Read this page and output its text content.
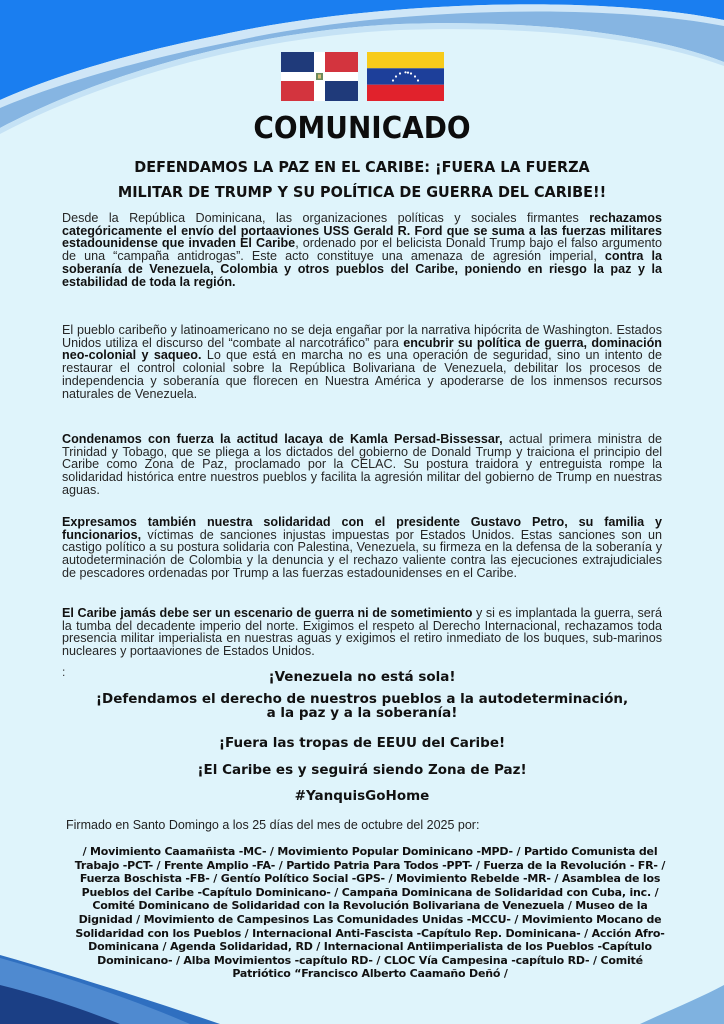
COMUNICADO
DEFENDAMOS LA PAZ EN EL CARIBE: ¡FUERA LA FUERZA
MILITAR DE TRUMP Y SU POLÍTICA DE GUERRA DEL CARIBE!!
Desde la República Dominicana, las organizaciones políticas y sociales firmantes rechazamos categóricamente el envío del portaaviones USS Gerald R. Ford que se suma a las fuerzas militares estadounidense que invaden El Caribe, ordenado por el belicista Donald Trump bajo el falso argumento de una “campaña antidrogas”. Este acto constituye una amenaza de agresión imperial, contra la soberanía de Venezuela, Colombia y otros pueblos del Caribe, poniendo en riesgo la paz y la estabilidad de toda la región.
El pueblo caribeño y latinoamericano no se deja engañar por la narrativa hipócrita de Washington. Estados Unidos utiliza el discurso del “combate al narcotráfico” para encubrir su política de guerra, dominación neo-colonial y saqueo. Lo que está en marcha no es una operación de seguridad, sino un intento de restaurar el control colonial sobre la República Bolivariana de Venezuela, debilitar los procesos de independencia y soberanía que florecen en Nuestra América y apoderarse de los inmensos recursos naturales de Venezuela.
Condenamos con fuerza la actitud lacaya de Kamla Persad-Bissessar, actual primera ministra de Trinidad y Tobago, que se pliega a los dictados del gobierno de Donald Trump y traiciona el principio del Caribe como Zona de Paz, proclamado por la CELAC. Su postura traidora y entreguista rompe la solidaridad histórica entre nuestros pueblos y facilita la agresión militar del gobierno de Trump en nuestras aguas.
Expresamos también nuestra solidaridad con el presidente Gustavo Petro, su familia y funcionarios, víctimas de sanciones injustas impuestas por Estados Unidos. Estas sanciones son un castigo político a su postura solidaria con Palestina, Venezuela, su firmeza en la defensa de la soberanía y autodeterminación de Colombia y la denuncia y el rechazo valiente contra las ejecuciones extrajudiciales de pescadores ordenadas por Trump a las fuerzas estadounidenses en el Caribe.
El Caribe jamás debe ser un escenario de guerra ni de sometimiento y si es implantada la guerra, será la tumba del decadente imperio del norte. Exigimos el respeto al Derecho Internacional, rechazamos toda presencia militar imperialista en nuestras aguas y exigimos el retiro inmediato de los buques, sub-marinos nucleares y portaaviones de Estados Unidos.
:	¡Venezuela no está sola!
¡Defendamos el derecho de nuestros pueblos a la autodeterminación,
a la paz y a la soberanía!
¡Fuera las tropas de EEUU del Caribe!
¡El Caribe es y seguirá siendo Zona de Paz!
#YanquisGoHome
Firmado en Santo Domingo a los 25 días del mes de octubre del 2025 por:
/ Movimiento Caamañista -MC- / Movimiento Popular Dominicano -MPD- / Partido Comunista del Trabajo -PCT- / Frente Amplio -FA- / Partido Patria Para Todos -PPT- / Fuerza de la Revolución - FR- / Fuerza Boschista -FB- / Gentío Político Social -GPS- / Movimiento Rebelde -MR- / Asamblea de los Pueblos del Caribe -Capítulo Dominicano- / Campaña Dominicana de Solidaridad con Cuba, inc. / Comité Dominicano de Solidaridad con la Revolución Bolivariana de Venezuela / Museo de la Dignidad / Movimiento de Campesinos Las Comunidades Unidas -MCCU- / Movimiento Mocano de Solidaridad con los Pueblos / Internacional Anti-Fascista -Capítulo Rep. Dominicana- / Acción Afro-Dominicana / Agenda Solidaridad, RD / Internacional Antiimperialista de los Pueblos -Capítulo Dominicano- / Alba Movimientos -capítulo RD- / CLOC Vía Campesina -capítulo RD- / Comité Patriótico “Francisco Alberto Caamaño Deñó /
